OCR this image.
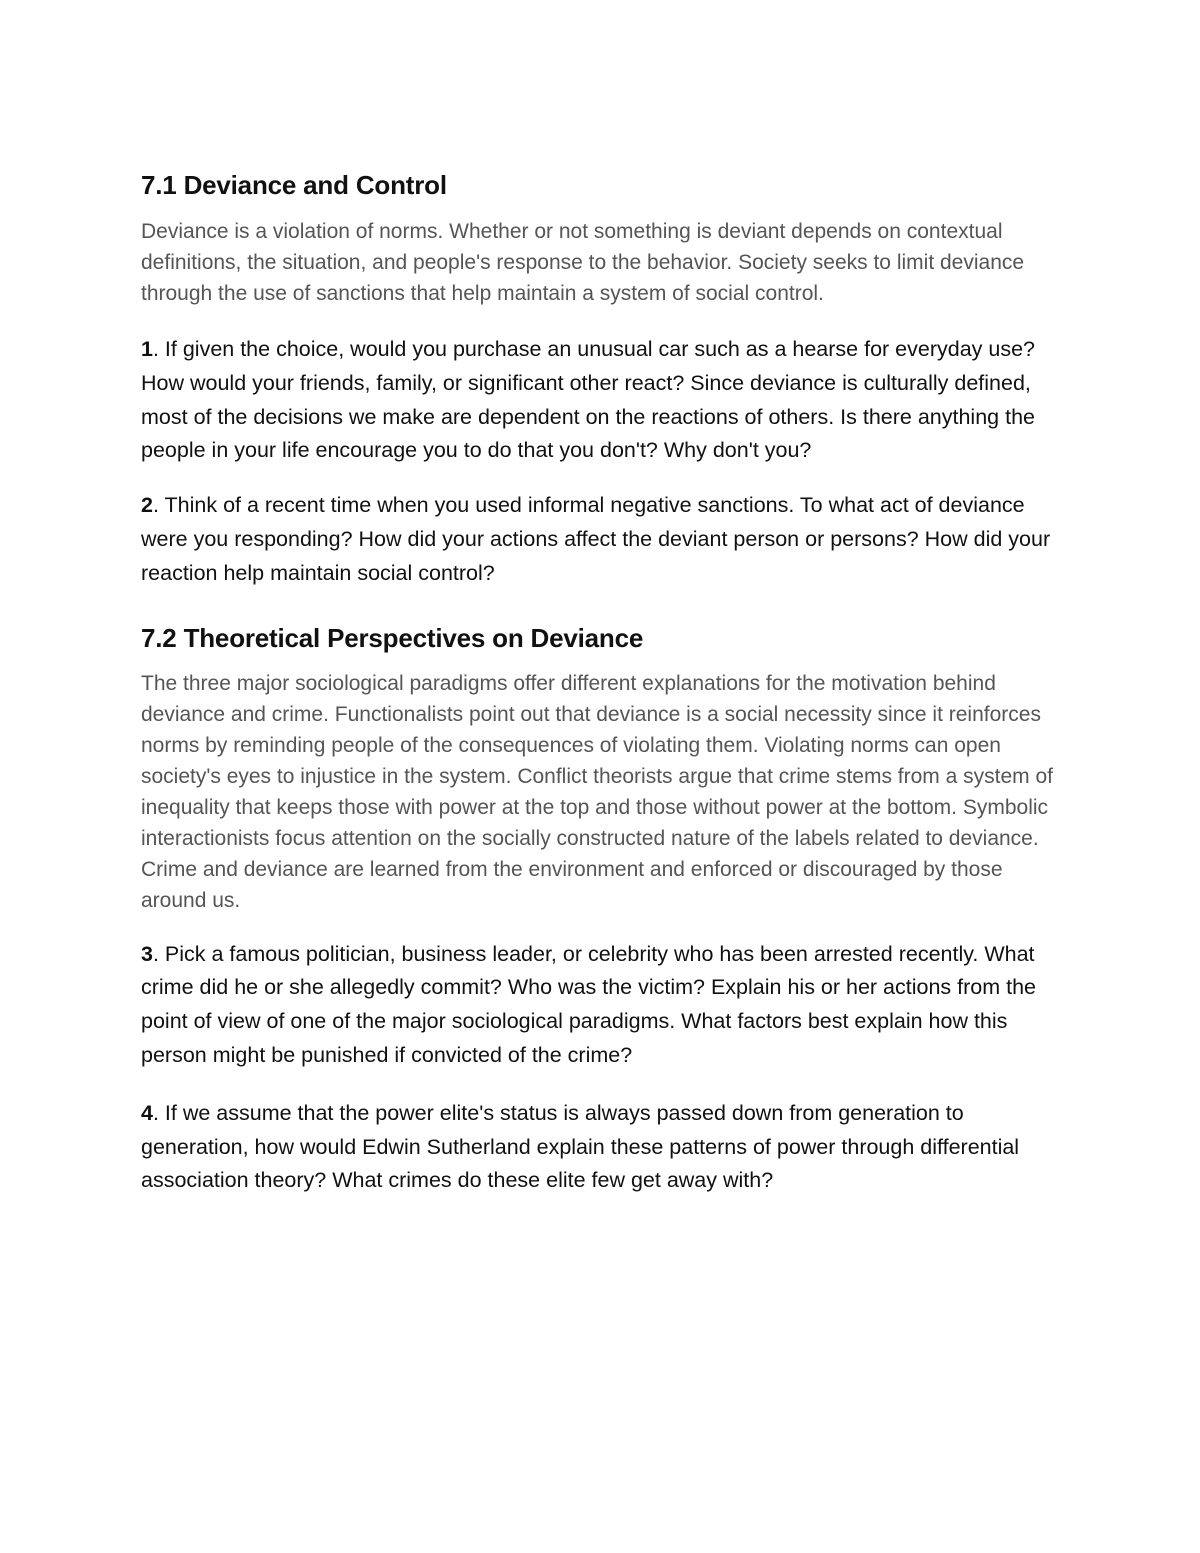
7.1 Deviance and Control

Deviance is a violation of norms. Whether or not something is deviant depends on contextual definitions, the situation, and people's response to the behavior. Society seeks to limit deviance through the use of sanctions that help maintain a system of social control.

1. If given the choice, would you purchase an unusual car such as a hearse for everyday use? How would your friends, family, or significant other react? Since deviance is culturally defined, most of the decisions we make are dependent on the reactions of others. Is there anything the people in your life encourage you to do that you don't? Why don't you?

2. Think of a recent time when you used informal negative sanctions. To what act of deviance were you responding? How did your actions affect the deviant person or persons? How did your reaction help maintain social control?

7.2 Theoretical Perspectives on Deviance

The three major sociological paradigms offer different explanations for the motivation behind deviance and crime. Functionalists point out that deviance is a social necessity since it reinforces norms by reminding people of the consequences of violating them. Violating norms can open society's eyes to injustice in the system. Conflict theorists argue that crime stems from a system of inequality that keeps those with power at the top and those without power at the bottom. Symbolic interactionists focus attention on the socially constructed nature of the labels related to deviance. Crime and deviance are learned from the environment and enforced or discouraged by those around us.

3. Pick a famous politician, business leader, or celebrity who has been arrested recently. What crime did he or she allegedly commit? Who was the victim? Explain his or her actions from the point of view of one of the major sociological paradigms. What factors best explain how this person might be punished if convicted of the crime?

4. If we assume that the power elite's status is always passed down from generation to generation, how would Edwin Sutherland explain these patterns of power through differential association theory? What crimes do these elite few get away with?
